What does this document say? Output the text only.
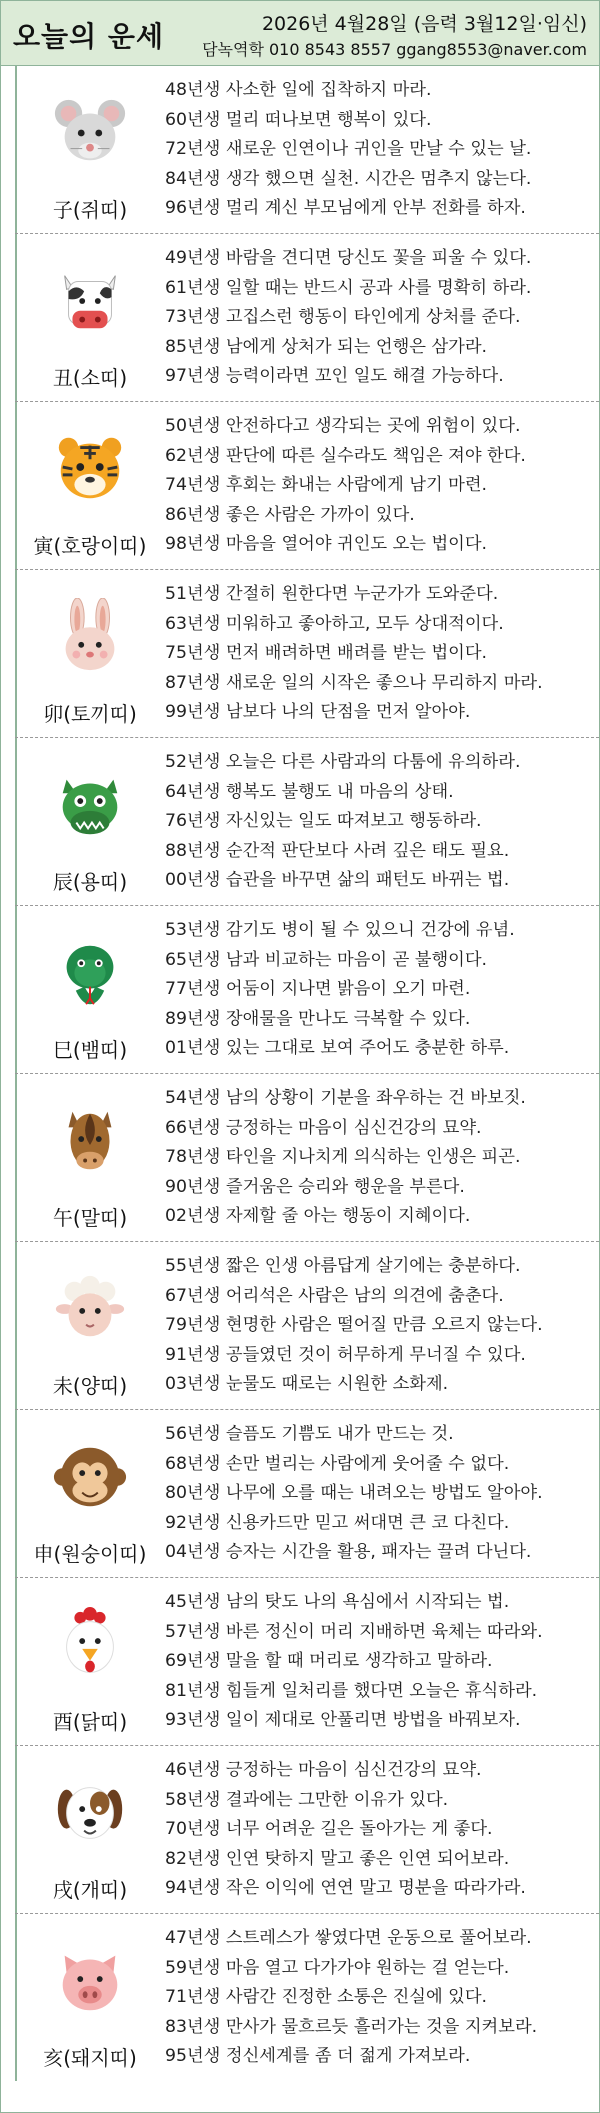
오늘의 운세	2026년 4월28일 (음력 3월12일·임신)
담녹역학 010 8543 8557 ggang8553@naver.com
子(쥐띠)
48년생 사소한 일에 집착하지 마라.
60년생 멀리 떠나보면 행복이 있다.
72년생 새로운 인연이나 귀인을 만날 수 있는 날.
84년생 생각 했으면 실천. 시간은 멈추지 않는다.
96년생 멀리 계신 부모님에게 안부 전화를 하자.
丑(소띠)
49년생 바람을 견디면 당신도 꽃을 피울 수 있다.
61년생 일할 때는 반드시 공과 사를 명확히 하라.
73년생 고집스런 행동이 타인에게 상처를 준다.
85년생 남에게 상처가 되는 언행은 삼가라.
97년생 능력이라면 꼬인 일도 해결 가능하다.
寅(호랑이띠)
50년생 안전하다고 생각되는 곳에 위험이 있다.
62년생 판단에 따른 실수라도 책임은 져야 한다.
74년생 후회는 화내는 사람에게 남기 마련.
86년생 좋은 사람은 가까이 있다.
98년생 마음을 열어야 귀인도 오는 법이다.
卯(토끼띠)
51년생 간절히 원한다면 누군가가 도와준다.
63년생 미워하고 좋아하고, 모두 상대적이다.
75년생 먼저 배려하면 배려를 받는 법이다.
87년생 새로운 일의 시작은 좋으나 무리하지 마라.
99년생 남보다 나의 단점을 먼저 알아야.
辰(용띠)
52년생 오늘은 다른 사람과의 다툼에 유의하라.
64년생 행복도 불행도 내 마음의 상태.
76년생 자신있는 일도 따져보고 행동하라.
88년생 순간적 판단보다 사려 깊은 태도 필요.
00년생 습관을 바꾸면 삶의 패턴도 바뀌는 법.
巳(뱀띠)
53년생 감기도 병이 될 수 있으니 건강에 유념.
65년생 남과 비교하는 마음이 곧 불행이다.
77년생 어둠이 지나면 밝음이 오기 마련.
89년생 장애물을 만나도 극복할 수 있다.
01년생 있는 그대로 보여 주어도 충분한 하루.
午(말띠)
54년생 남의 상황이 기분을 좌우하는 건 바보짓.
66년생 긍정하는 마음이 심신건강의 묘약.
78년생 타인을 지나치게 의식하는 인생은 피곤.
90년생 즐거움은 승리와 행운을 부른다.
02년생 자제할 줄 아는 행동이 지혜이다.
未(양띠)
55년생 짧은 인생 아름답게 살기에는 충분하다.
67년생 어리석은 사람은 남의 의견에 춤춘다.
79년생 현명한 사람은 떨어질 만큼 오르지 않는다.
91년생 공들였던 것이 허무하게 무너질 수 있다.
03년생 눈물도 때로는 시원한 소화제.
申(원숭이띠)
56년생 슬픔도 기쁨도 내가 만드는 것.
68년생 손만 벌리는 사람에게 웃어줄 수 없다.
80년생 나무에 오를 때는 내려오는 방법도 알아야.
92년생 신용카드만 믿고 써대면 큰 코 다친다.
04년생 승자는 시간을 활용, 패자는 끌려 다닌다.
酉(닭띠)
45년생 남의 탓도 나의 욕심에서 시작되는 법.
57년생 바른 정신이 머리 지배하면 육체는 따라와.
69년생 말을 할 때 머리로 생각하고 말하라.
81년생 힘들게 일처리를 했다면 오늘은 휴식하라.
93년생 일이 제대로 안풀리면 방법을 바꿔보자.
戌(개띠)
46년생 긍정하는 마음이 심신건강의 묘약.
58년생 결과에는 그만한 이유가 있다.
70년생 너무 어려운 길은 돌아가는 게 좋다.
82년생 인연 탓하지 말고 좋은 인연 되어보라.
94년생 작은 이익에 연연 말고 명분을 따라가라.
亥(돼지띠)
47년생 스트레스가 쌓였다면 운동으로 풀어보라.
59년생 마음 열고 다가가야 원하는 걸 얻는다.
71년생 사람간 진정한 소통은 진실에 있다.
83년생 만사가 물흐르듯 흘러가는 것을 지켜보라.
95년생 정신세계를 좀 더 젊게 가져보라.
